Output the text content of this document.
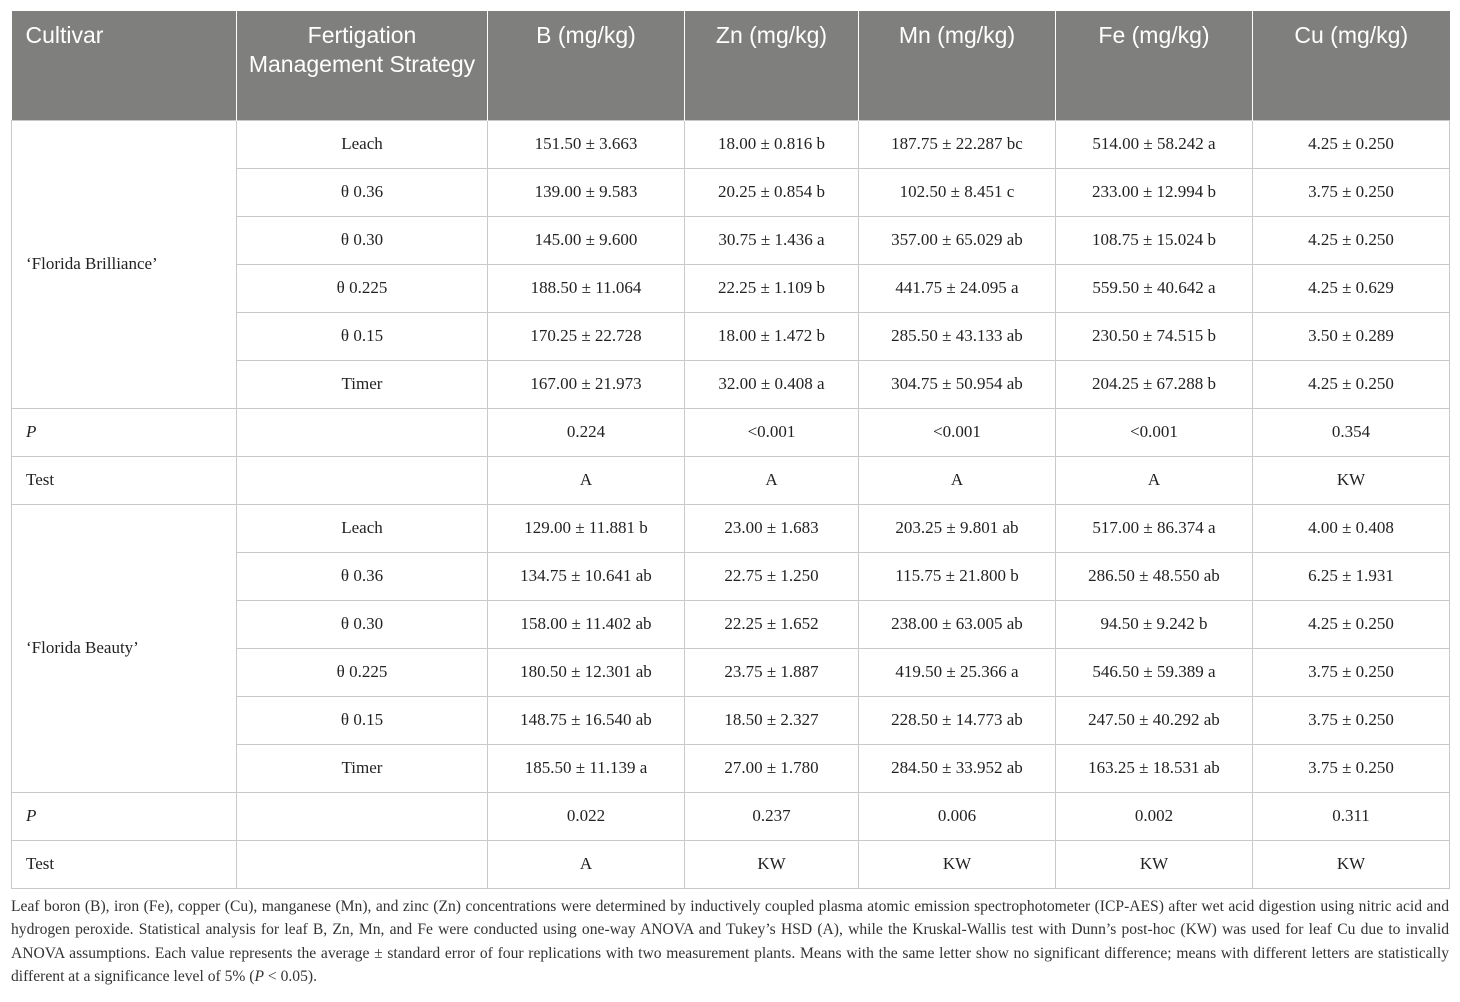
Cultivar	Fertigation Management Strategy	B (mg/kg)	Zn (mg/kg)	Mn (mg/kg)	Fe (mg/kg)	Cu (mg/kg)
‘Florida Brilliance’	Leach	151.50 ± 3.663	18.00 ± 0.816 b	187.75 ± 22.287 bc	514.00 ± 58.242 a	4.25 ± 0.250
	θ 0.36	139.00 ± 9.583	20.25 ± 0.854 b	102.50 ± 8.451 c	233.00 ± 12.994 b	3.75 ± 0.250
	θ 0.30	145.00 ± 9.600	30.75 ± 1.436 a	357.00 ± 65.029 ab	108.75 ± 15.024 b	4.25 ± 0.250
	θ 0.225	188.50 ± 11.064	22.25 ± 1.109 b	441.75 ± 24.095 a	559.50 ± 40.642 a	4.25 ± 0.629
	θ 0.15	170.25 ± 22.728	18.00 ± 1.472 b	285.50 ± 43.133 ab	230.50 ± 74.515 b	3.50 ± 0.289
	Timer	167.00 ± 21.973	32.00 ± 0.408 a	304.75 ± 50.954 ab	204.25 ± 67.288 b	4.25 ± 0.250
P		0.224	<0.001	<0.001	<0.001	0.354
Test		A	A	A	A	KW
‘Florida Beauty’	Leach	129.00 ± 11.881 b	23.00 ± 1.683	203.25 ± 9.801 ab	517.00 ± 86.374 a	4.00 ± 0.408
	θ 0.36	134.75 ± 10.641 ab	22.75 ± 1.250	115.75 ± 21.800 b	286.50 ± 48.550 ab	6.25 ± 1.931
	θ 0.30	158.00 ± 11.402 ab	22.25 ± 1.652	238.00 ± 63.005 ab	94.50 ± 9.242 b	4.25 ± 0.250
	θ 0.225	180.50 ± 12.301 ab	23.75 ± 1.887	419.50 ± 25.366 a	546.50 ± 59.389 a	3.75 ± 0.250
	θ 0.15	148.75 ± 16.540 ab	18.50 ± 2.327	228.50 ± 14.773 ab	247.50 ± 40.292 ab	3.75 ± 0.250
	Timer	185.50 ± 11.139 a	27.00 ± 1.780	284.50 ± 33.952 ab	163.25 ± 18.531 ab	3.75 ± 0.250
P		0.022	0.237	0.006	0.002	0.311
Test		A	KW	KW	KW	KW
Leaf boron (B), iron (Fe), copper (Cu), manganese (Mn), and zinc (Zn) concentrations were determined by inductively coupled plasma atomic emission spectrophotometer (ICP-AES) after wet acid digestion using nitric acid and hydrogen peroxide. Statistical analysis for leaf B, Zn, Mn, and Fe were conducted using one-way ANOVA and Tukey’s HSD (A), while the Kruskal-Wallis test with Dunn’s post-hoc (KW) was used for leaf Cu due to invalid ANOVA assumptions. Each value represents the average ± standard error of four replications with two measurement plants. Means with the same letter show no significant difference; means with different letters are statistically different at a significance level of 5% (P < 0.05).
